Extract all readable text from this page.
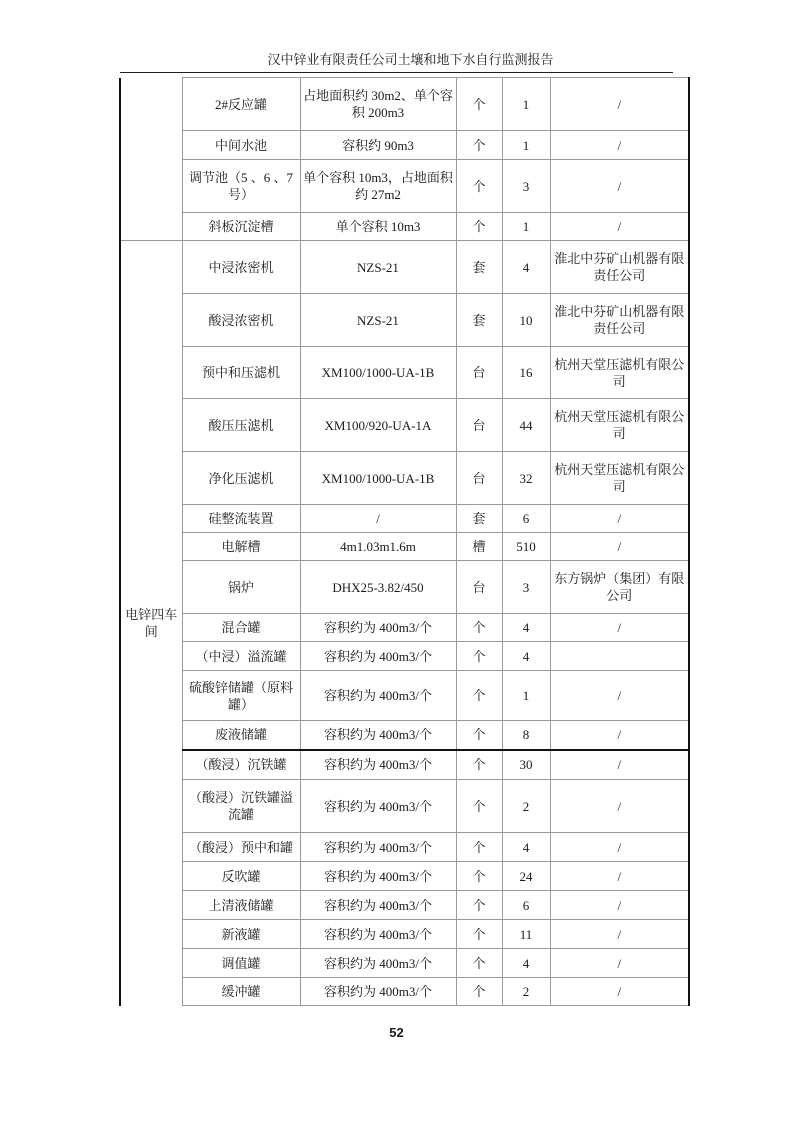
汉中锌业有限责任公司土壤和地下水自行监测报告
	2#反应罐	占地面积约 30m2、单个容积 200m3	个	1	/
	中间水池	容积约 90m3	个	1	/
	调节池（5 、6 、7 号）	单个容积 10m3，占地面积约 27m2	个	3	/
	斜板沉淀槽	单个容积 10m3	个	1	/
电锌四车间	中浸浓密机	NZS-21	套	4	淮北中芬矿山机器有限责任公司
	酸浸浓密机	NZS-21	套	10	淮北中芬矿山机器有限责任公司
	预中和压滤机	XM100/1000-UA-1B	台	16	杭州天堂压滤机有限公司
	酸压压滤机	XM100/920-UA-1A	台	44	杭州天堂压滤机有限公司
	净化压滤机	XM100/1000-UA-1B	台	32	杭州天堂压滤机有限公司
	硅整流装置	/	套	6	/
	电解槽	4m1.03m1.6m	槽	510	/
	锅炉	DHX25-3.82/450	台	3	东方锅炉（集团）有限公司
	混合罐	容积约为 400m3/个	个	4	/
	（中浸）溢流罐	容积约为 400m3/个	个	4	
	硫酸锌储罐（原料罐）	容积约为 400m3/个	个	1	/
	废液储罐	容积约为 400m3/个	个	8	/
	（酸浸）沉铁罐	容积约为 400m3/个	个	30	/
	（酸浸）沉铁罐溢流罐	容积约为 400m3/个	个	2	/
	（酸浸）预中和罐	容积约为 400m3/个	个	4	/
	反吹罐	容积约为 400m3/个	个	24	/
	上清液储罐	容积约为 400m3/个	个	6	/
	新液罐	容积约为 400m3/个	个	11	/
	调值罐	容积约为 400m3/个	个	4	/
	缓冲罐	容积约为 400m3/个	个	2	/
52
